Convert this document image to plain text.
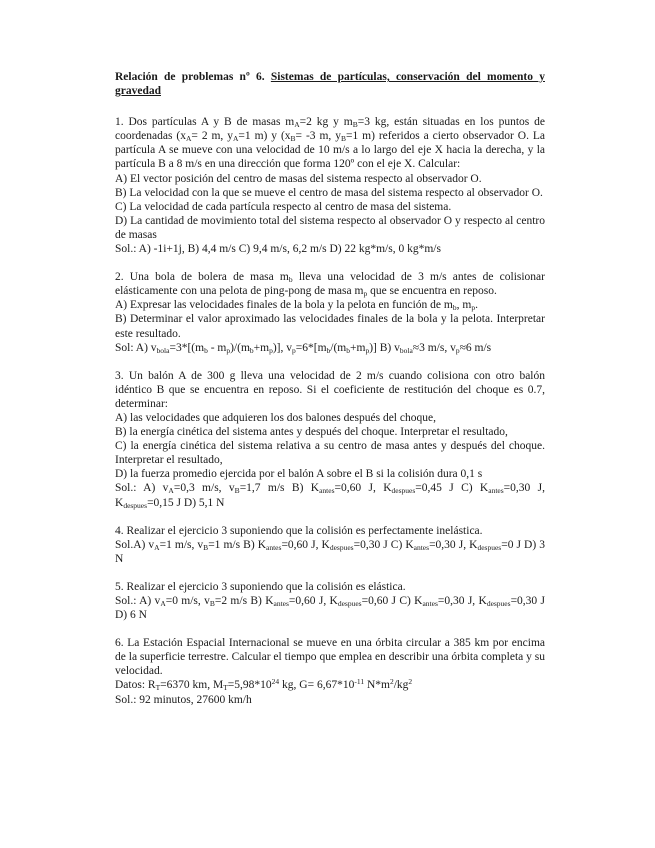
Relación de problemas nº 6. Sistemas de partículas, conservación del momento y gravedad

1. Dos partículas A y B de masas $m_A=2$ kg y $m_B=3$ kg, están situadas en los puntos de coordenadas ($x_A= 2$ m, $y_A=1$ m) y ($x_B= -3$ m, $y_B=1$ m) referidos a cierto observador O. La partícula A se mueve con una velocidad de 10 m/s a lo largo del eje X hacia la derecha, y la partícula B a 8 m/s en una dirección que forma 120º con el eje X. Calcular:

A) El vector posición del centro de masas del sistema respecto al observador O.

B) La velocidad con la que se mueve el centro de masa del sistema respecto al observador O.

C) La velocidad de cada partícula respecto al centro de masa del sistema.

D) La cantidad de movimiento total del sistema respecto al observador O y respecto al centro de masas

Sol.: A) -1i+1j, B) 4,4 m/s C) 9,4 m/s, 6,2 m/s D) 22 kg*m/s, 0 kg*m/s

2. Una bola de bolera de masa $m_b$ lleva una velocidad de 3 m/s antes de colisionar elásticamente con una pelota de ping-pong de masa $m_p$ que se encuentra en reposo.

A) Expresar las velocidades finales de la bola y la pelota en función de $m_b$, $m_p$.

B) Determinar el valor aproximado las velocidades finales de la bola y la pelota. Interpretar este resultado.

Sol: A) $v_{bola}=3*[(m_b - m_p)/(m_b+m_p)]$, $v_p=6*[m_b/(m_b+m_p)]$ B) $v_{bola}\approx 3$ m/s, $v_p\approx 6$ m/s

3. Un balón A de 300 g lleva una velocidad de 2 m/s cuando colisiona con otro balón idéntico B que se encuentra en reposo. Si el coeficiente de restitución del choque es 0.7, determinar:

A) las velocidades que adquieren los dos balones después del choque,

B) la energía cinética del sistema antes y después del choque. Interpretar el resultado,

C) la energía cinética del sistema relativa a su centro de masa antes y después del choque. Interpretar el resultado,

D) la fuerza promedio ejercida por el balón A sobre el B si la colisión dura 0,1 s

Sol.: A) $v_A=0,3$ m/s, $v_B=1,7$ m/s B) $K_{antes}=0,60$ J, $K_{despues}=0,45$ J C) $K_{antes}=0,30$ J, $K_{despues}=0,15$ J D) 5,1 N

4. Realizar el ejercicio 3 suponiendo que la colisión es perfectamente inelástica.

Sol.A) $v_A=1$ m/s, $v_B=1$ m/s B) $K_{antes}=0,60$ J, $K_{despues}=0,30$ J C) $K_{antes}=0,30$ J, $K_{despues}=0$ J D) 3 N

5. Realizar el ejercicio 3 suponiendo que la colisión es elástica.

Sol.: A) $v_A=0$ m/s, $v_B=2$ m/s B) $K_{antes}=0,60$ J, $K_{despues}=0,60$ J C) $K_{antes}=0,30$ J, $K_{despues}=0,30$ J D) 6 N

6. La Estación Espacial Internacional se mueve en una órbita circular a 385 km por encima de la superficie terrestre. Calcular el tiempo que emplea en describir una órbita completa y su velocidad.

Datos: $R_T=6370$ km, $M_T=5,98*10^{24}$ kg, $G= 6,67*10^{-11}$ $N*m^2/kg^2$

Sol.: 92 minutos, 27600 km/h
